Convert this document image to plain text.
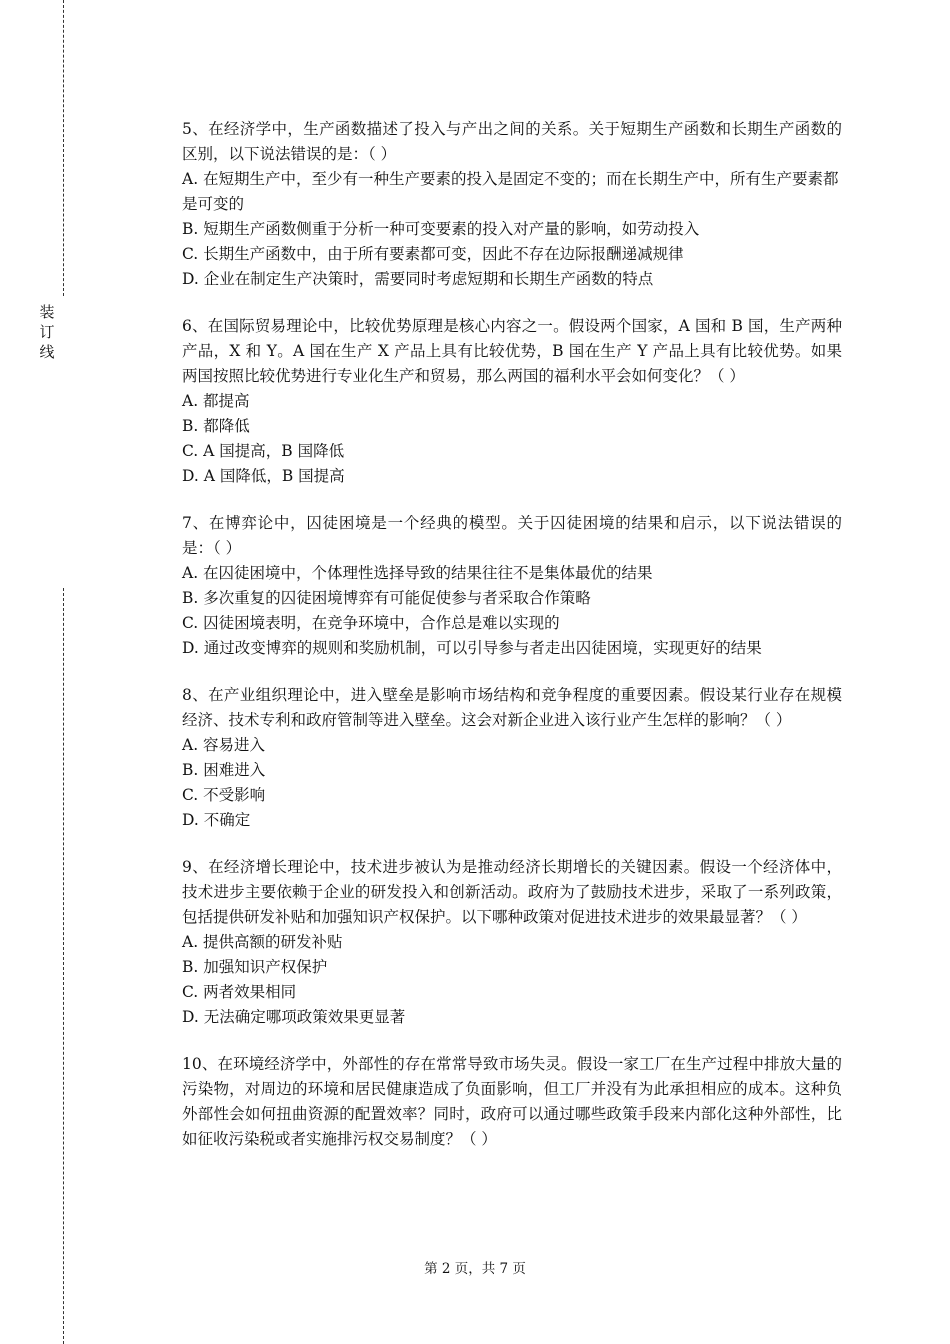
装
订
线

5、在经济学中，生产函数描述了投入与产出之间的关系。关于短期生产函数和长期生产函数的区别，以下说法错误的是：（ ）

A. 在短期生产中，至少有一种生产要素的投入是固定不变的；而在长期生产中，所有生产要素都是可变的

B. 短期生产函数侧重于分析一种可变要素的投入对产量的影响，如劳动投入

C. 长期生产函数中，由于所有要素都可变，因此不存在边际报酬递减规律

D. 企业在制定生产决策时，需要同时考虑短期和长期生产函数的特点

6、在国际贸易理论中，比较优势原理是核心内容之一。假设两个国家，A 国和 B 国，生产两种产品，X 和 Y。A 国在生产 X 产品上具有比较优势，B 国在生产 Y 产品上具有比较优势。如果两国按照比较优势进行专业化生产和贸易，那么两国的福利水平会如何变化？（ ）

A. 都提高

B. 都降低

C. A 国提高，B 国降低

D. A 国降低，B 国提高

7、在博弈论中，囚徒困境是一个经典的模型。关于囚徒困境的结果和启示，以下说法错误的是：（ ）

A. 在囚徒困境中，个体理性选择导致的结果往往不是集体最优的结果

B. 多次重复的囚徒困境博弈有可能促使参与者采取合作策略

C. 囚徒困境表明，在竞争环境中，合作总是难以实现的

D. 通过改变博弈的规则和奖励机制，可以引导参与者走出囚徒困境，实现更好的结果

8、在产业组织理论中，进入壁垒是影响市场结构和竞争程度的重要因素。假设某行业存在规模经济、技术专利和政府管制等进入壁垒。这会对新企业进入该行业产生怎样的影响？（ ）

A. 容易进入

B. 困难进入

C. 不受影响

D. 不确定

9、在经济增长理论中，技术进步被认为是推动经济长期增长的关键因素。假设一个经济体中，技术进步主要依赖于企业的研发投入和创新活动。政府为了鼓励技术进步，采取了一系列政策，包括提供研发补贴和加强知识产权保护。以下哪种政策对促进技术进步的效果最显著？（ ）

A. 提供高额的研发补贴

B. 加强知识产权保护

C. 两者效果相同

D. 无法确定哪项政策效果更显著

10、在环境经济学中，外部性的存在常常导致市场失灵。假设一家工厂在生产过程中排放大量的污染物，对周边的环境和居民健康造成了负面影响，但工厂并没有为此承担相应的成本。这种负外部性会如何扭曲资源的配置效率？同时，政府可以通过哪些政策手段来内部化这种外部性，比如征收污染税或者实施排污权交易制度？（ ）

第 2 页，共 7 页
